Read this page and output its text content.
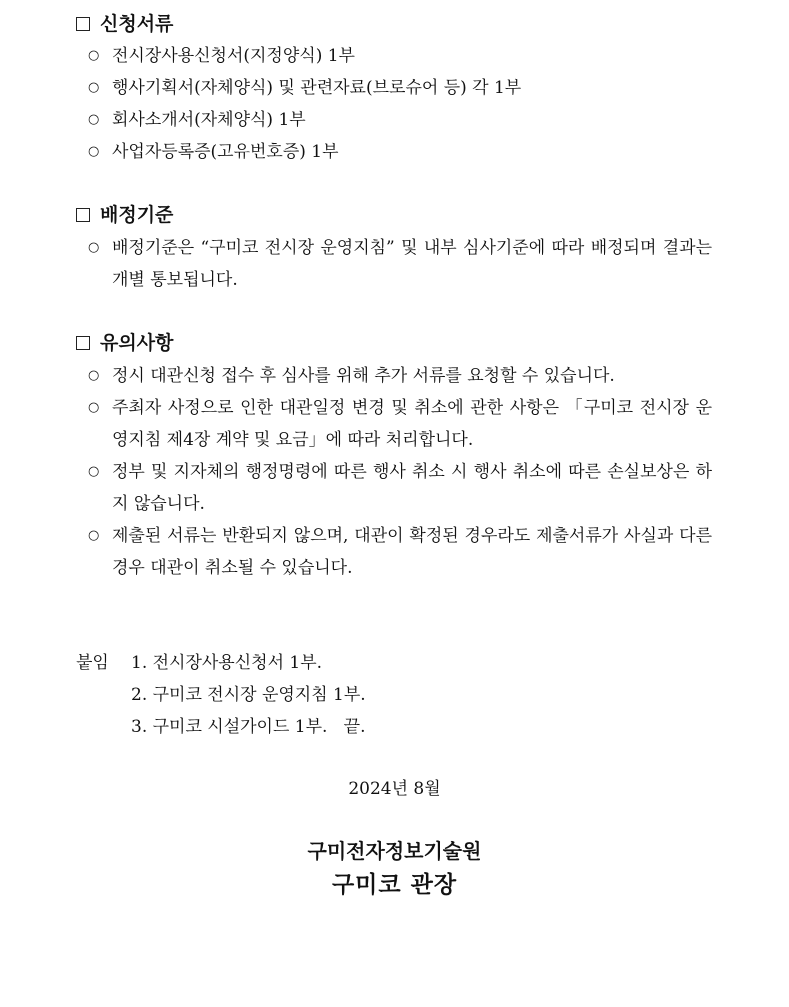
신청서류
○ 전시장사용신청서(지정양식) 1부
○ 행사기획서(자체양식) 및 관련자료(브로슈어 등) 각 1부
○ 회사소개서(자체양식) 1부
○ 사업자등록증(고유번호증) 1부
배정기준
○ 배정기준은 “구미코 전시장 운영지침” 및 내부 심사기준에 따라 배정되며 결과는 개별 통보됩니다.
유의사항
○ 정시 대관신청 접수 후 심사를 위해 추가 서류를 요청할 수 있습니다.
○ 주최자 사정으로 인한 대관일정 변경 및 취소에 관한 사항은 「구미코 전시장 운영지침 제4장 계약 및 요금」에 따라 처리합니다.
○ 정부 및 지자체의 행정명령에 따른 행사 취소 시 행사 취소에 따른 손실보상은 하지 않습니다.
○ 제출된 서류는 반환되지 않으며, 대관이 확정된 경우라도 제출서류가 사실과 다른 경우 대관이 취소될 수 있습니다.
붙임 1. 전시장사용신청서 1부.
2. 구미코 전시장 운영지침 1부.
3. 구미코 시설가이드 1부.   끝.
2024년 8월
구미전자정보기술원
구미코 관장
